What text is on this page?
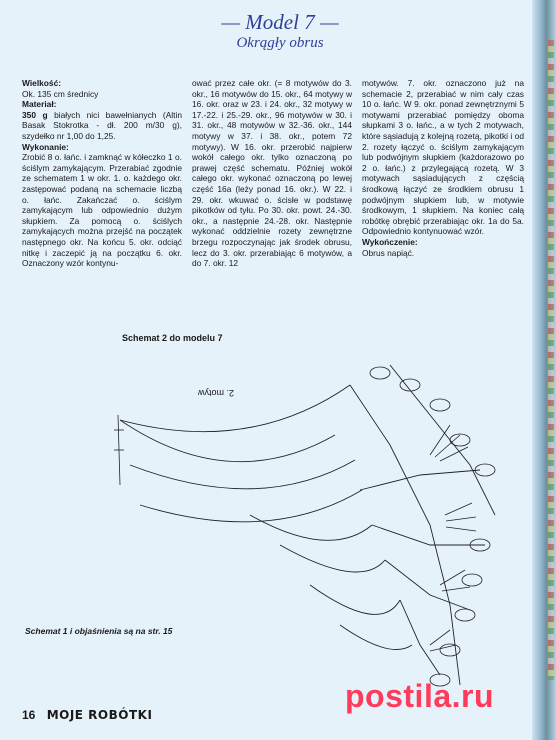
— Model 7 —
Okrągły obrus

Wielkość:

Ok. 135 cm średnicy

Materiał:

350 g białych nici bawełnianych (Altin Basak Stokrotka - dł. 200 m/30 g), szydełko nr 1,00 do 1,25.

Wykonanie:

Zrobić 8 o. łańc. i zamknąć w kółeczko 1 o. ściślym zamykającym. Przerabiać zgodnie ze schematem 1 w okr. 1. o. każdego okr. zastępować podaną na schemacie liczbą o. łańc. Zakańczać o. ściślym zamykającym lub odpowiednio dużym słupkiem. Za pomocą o. ściślych zamykających można przejść na początek następnego okr. Na końcu 5. okr. odciąć nitkę i zaczepić ją na początku 6. okr. Oznaczony wzór kontynu-

ować przez całe okr. (= 8 motywów do 3. okr., 16 motywów do 15. okr., 64 motywy w 16. okr. oraz w 23. i 24. okr., 32 motywy w 17.-22. i 25.-29. okr., 96 motywów w 30. i 31. okr., 48 motywów w 32.-36. okr., 144 motywy w 37. i 38. okr., potem 72 motywy). W 16. okr. przerobić najpierw wokół całego okr. tylko oznaczoną po prawej część schematu. Później wokół całego okr. wykonać oznaczoną po lewej część 16a (leży ponad 16. okr.). W 22. i 29. okr. wkuwać o. ścisłe w podstawę pikotków od tyłu. Po 30. okr. powt. 24.-30. okr., a następnie 24.-28. okr. Następnie wykonać oddzielnie rozety zewnętrzne brzegu rozpoczynając jak środek obrusu, lecz do 3. okr. przerabiając 6 motywów, a do 7. okr. 12

motywów. 7. okr. oznaczono już na schemacie 2, przerabiać w nim cały czas 10 o. łańc. W 9. okr. ponad zewnętrznymi 5 motywami przerabiać pomiędzy oboma słupkami 3 o. łańc., a w tych 2 motywach, które sąsiadują z kolejną rozetą, pikotki i od 2. rozety łączyć o. ściślym zamykającym lub podwójnym słupkiem (każdorazowo po 2 o. łańc.) z przylegającą rozetą. W 3 motywach sąsiadujących z częścią środkową łączyć ze środkiem obrusu 1 podwójnym słupkiem lub, w motywie środkowym, 1 słupkiem. Na koniec całą robótkę obrębić przerabiając okr. 1a do 5a. Odpowiednio kontynuować wzór.

Wykończenie:

Obrus napiąć.

Schemat 2 do modelu 7
2. motyw
Schemat 1 i objaśnienia są na str. 15
16 MOJE ROBÓTKI
postila.ru
